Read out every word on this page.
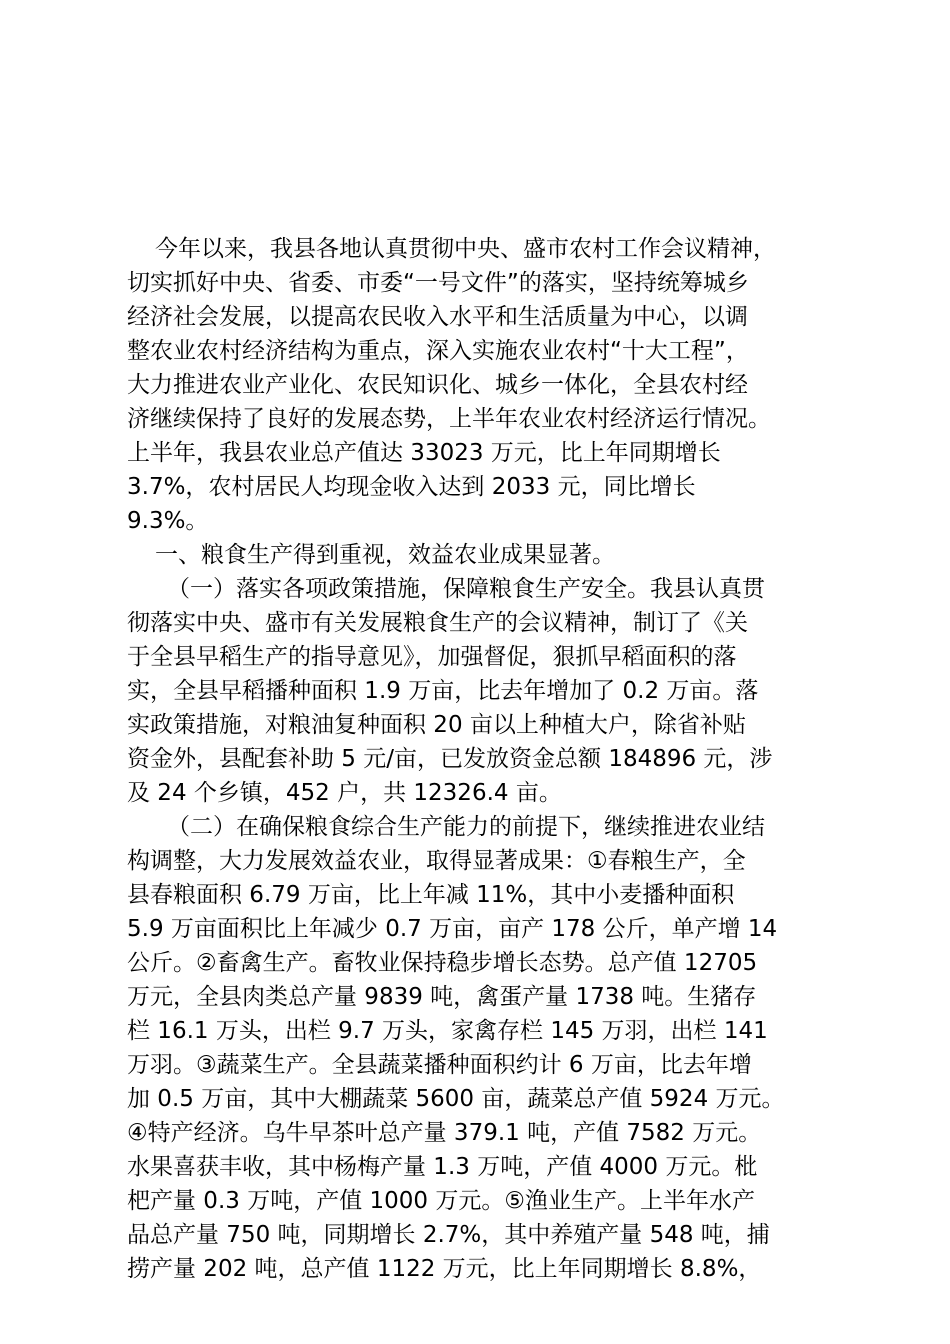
今年以来，我县各地认真贯彻中央、盛市农村工作会议精神，
切实抓好中央、省委、市委“一号文件”的落实，坚持统筹城乡
经济社会发展，以提高农民收入水平和生活质量为中心，以调
整农业农村经济结构为重点，深入实施农业农村“十大工程”，
大力推进农业产业化、农民知识化、城乡一体化，全县农村经
济继续保持了良好的发展态势，上半年农业农村经济运行情况。
上半年，我县农业总产值达 33023 万元，比上年同期增长
3.7%，农村居民人均现金收入达到 2033 元，同比增长
9.3%。
一、粮食生产得到重视，效益农业成果显著。
（一）落实各项政策措施，保障粮食生产安全。我县认真贯
彻落实中央、盛市有关发展粮食生产的会议精神，制订了《关
于全县早稻生产的指导意见》，加强督促，狠抓早稻面积的落
实，全县早稻播种面积 1.9 万亩，比去年增加了 0.2 万亩。落
实政策措施，对粮油复种面积 20 亩以上种植大户，除省补贴
资金外，县配套补助 5 元/亩，已发放资金总额 184896 元，涉
及 24 个乡镇，452 户，共 12326.4 亩。
（二）在确保粮食综合生产能力的前提下，继续推进农业结
构调整，大力发展效益农业，取得显著成果：①春粮生产，全
县春粮面积 6.79 万亩，比上年减 11%，其中小麦播种面积
5.9 万亩面积比上年减少 0.7 万亩，亩产 178 公斤，单产增 14
公斤。②畜禽生产。畜牧业保持稳步增长态势。总产值 12705
万元，全县肉类总产量 9839 吨，禽蛋产量 1738 吨。生猪存
栏 16.1 万头，出栏 9.7 万头，家禽存栏 145 万羽，出栏 141
万羽。③蔬菜生产。全县蔬菜播种面积约计 6 万亩，比去年增
加 0.5 万亩，其中大棚蔬菜 5600 亩，蔬菜总产值 5924 万元。
④特产经济。乌牛早茶叶总产量 379.1 吨，产值 7582 万元。
水果喜获丰收，其中杨梅产量 1.3 万吨，产值 4000 万元。枇
杷产量 0.3 万吨，产值 1000 万元。⑤渔业生产。上半年水产
品总产量 750 吨，同期增长 2.7%，其中养殖产量 548 吨，捕
捞产量 202 吨，总产值 1122 万元，比上年同期增长 8.8%，
